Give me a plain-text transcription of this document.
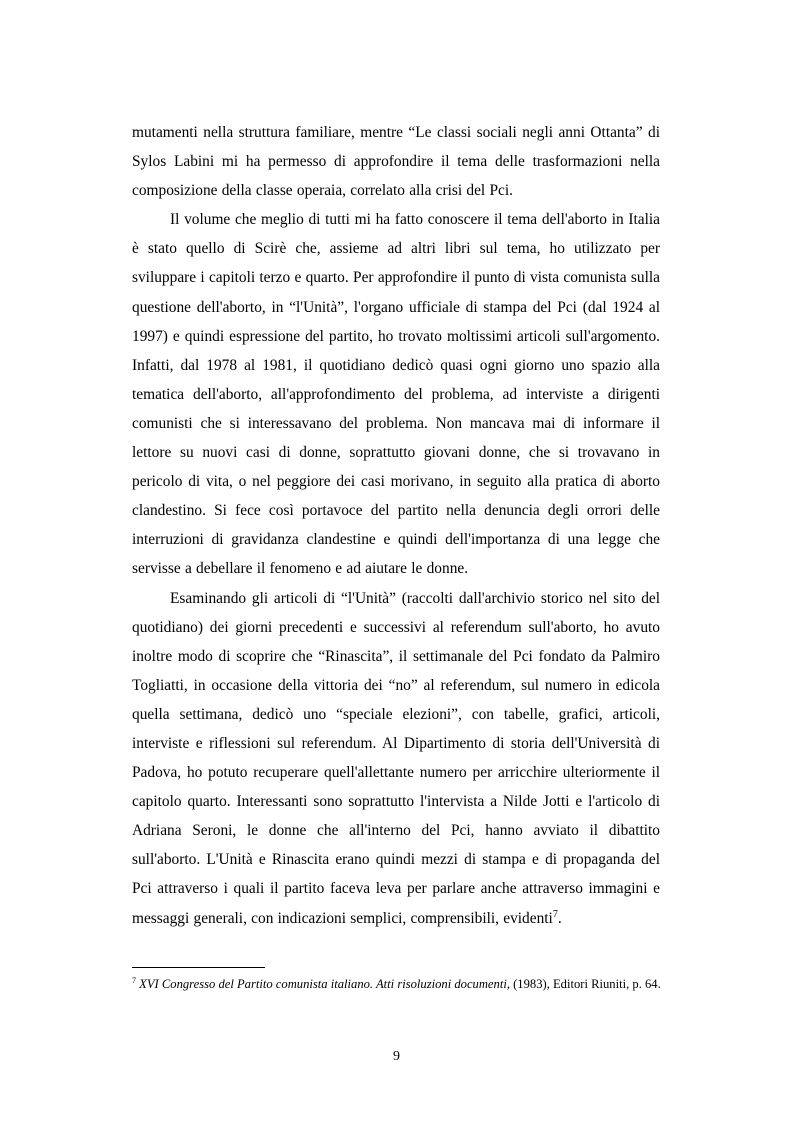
mutamenti nella struttura familiare, mentre “Le classi sociali negli anni Ottanta” di Sylos Labini mi ha permesso di approfondire il tema delle trasformazioni nella composizione della classe operaia, correlato alla crisi del Pci.

Il volume che meglio di tutti mi ha fatto conoscere il tema dell'aborto in Italia è stato quello di Scirè che, assieme ad altri libri sul tema, ho utilizzato per sviluppare i capitoli terzo e quarto. Per approfondire il punto di vista comunista sulla questione dell'aborto, in “l'Unità”, l'organo ufficiale di stampa del Pci (dal 1924 al 1997) e quindi espressione del partito, ho trovato moltissimi articoli sull'argomento. Infatti, dal 1978 al 1981, il quotidiano dedicò quasi ogni giorno uno spazio alla tematica dell'aborto, all'approfondimento del problema, ad interviste a dirigenti comunisti che si interessavano del problema. Non mancava mai di informare il lettore su nuovi casi di donne, soprattutto giovani donne, che si trovavano in pericolo di vita, o nel peggiore dei casi morivano, in seguito alla pratica di aborto clandestino. Si fece così portavoce del partito nella denuncia degli orrori delle interruzioni di gravidanza clandestine e quindi dell'importanza di una legge che servisse a debellare il fenomeno e ad aiutare le donne.

Esaminando gli articoli di “l'Unità” (raccolti dall'archivio storico nel sito del quotidiano) dei giorni precedenti e successivi al referendum sull'aborto, ho avuto inoltre modo di scoprire che “Rinascita”, il settimanale del Pci fondato da Palmiro Togliatti, in occasione della vittoria dei “no” al referendum, sul numero in edicola quella settimana, dedicò uno “speciale elezioni”, con tabelle, grafici, articoli, interviste e riflessioni sul referendum. Al Dipartimento di storia dell'Università di Padova, ho potuto recuperare quell'allettante numero per arricchire ulteriormente il capitolo quarto. Interessanti sono soprattutto l'intervista a Nilde Jotti e l'articolo di Adriana Seroni, le donne che all'interno del Pci, hanno avviato il dibattito sull'aborto. L'Unità e Rinascita erano quindi mezzi di stampa e di propaganda del Pci attraverso i quali il partito faceva leva per parlare anche attraverso immagini e messaggi generali, con indicazioni semplici, comprensibili, evidenti$^7$.

$^7$ XVI Congresso del Partito comunista italiano. Atti risoluzioni documenti, (1983), Editori Riuniti, p. 64.
9
